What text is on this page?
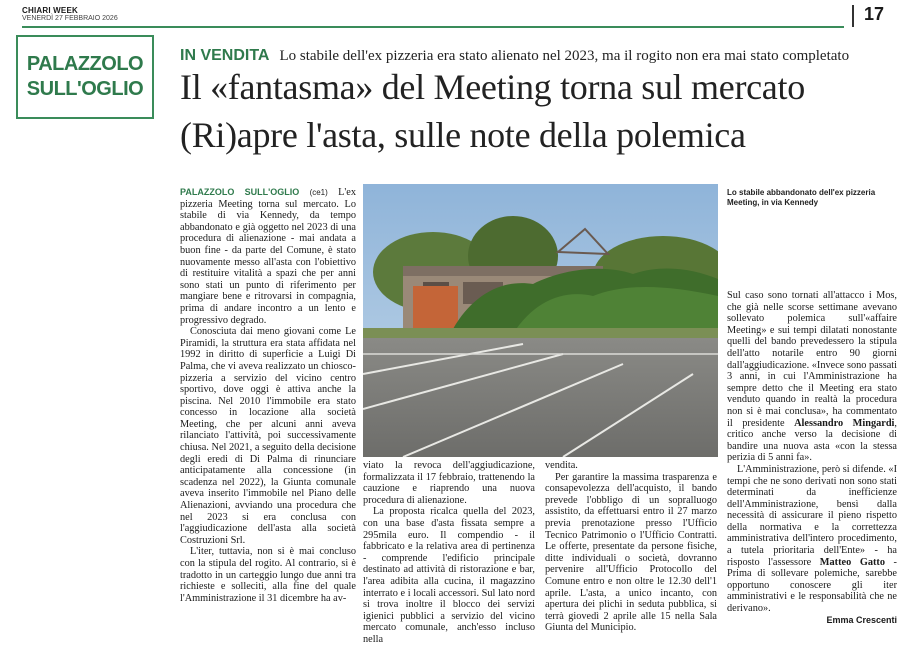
CHIARI WEEK
VENERDÌ 27 FEBBRAIO 2026	17
PALAZZOLO
SULL'OGLIO
IN VENDITA Lo stabile dell'ex pizzeria era stato alienato nel 2023, ma il rogito non era mai stato completato
Il «fantasma» del Meeting torna sul mercato
(Ri)apre l'asta, sulle note della polemica

PALAZZOLO SULL'OGLIO (ce1) L'ex pizzeria Meeting torna sul mercato. Lo stabile di via Kennedy, da tempo abbandonato e già oggetto nel 2023 di una procedura di alienazione - mai andata a buon fine - da parte del Comune, è stato nuovamente messo all'asta con l'obiettivo di restituire vitalità a spazi che per anni sono stati un punto di riferimento per mangiare bene e ritrovarsi in compagnia, prima di andare incontro a un lento e progressivo degrado.

Conosciuta dai meno giovani come Le Piramidi, la struttura era stata affidata nel 1992 in diritto di superficie a Luigi Di Palma, che vi aveva realizzato un chiosco-pizzeria a servizio del vicino centro sportivo, dove oggi è attiva anche la piscina. Nel 2010 l'immobile era stato concesso in locazione alla società Meeting, che per alcuni anni aveva rilanciato l'attività, poi successivamente chiusa. Nel 2021, a seguito della decisione degli eredi di Di Palma di rinunciare anticipatamente alla concessione (in scadenza nel 2022), la Giunta comunale aveva inserito l'immobile nel Piano delle Alienazioni, avviando una procedura che nel 2023 si era conclusa con l'aggiudicazione dell'asta alla società Costruzioni Srl.

L'iter, tuttavia, non si è mai concluso con la stipula del rogito. Al contrario, si è tradotto in un carteggio lungo due anni tra richieste e solleciti, alla fine del quale l'Amministrazione il 31 dicembre ha av-

Lo stabile abbandonato dell'ex pizzeria Meeting, in via Kennedy

viato la revoca dell'aggiudicazione, formalizzata il 17 febbraio, trattenendo la cauzione e riaprendo una nuova procedura di alienazione.

La proposta ricalca quella del 2023, con una base d'asta fissata sempre a 295mila euro. Il compendio - il fabbricato e la relativa area di pertinenza - comprende l'edificio principale destinato ad attività di ristorazione e bar, l'area adibita alla cucina, il magazzino interrato e i locali accessori. Sul lato nord si trova inoltre il blocco dei servizi igienici pubblici a servizio del vicino mercato comunale, anch'esso incluso nella

vendita.

Per garantire la massima trasparenza e consapevolezza dell'acquisto, il bando prevede l'obbligo di un sopralluogo assistito, da effettuarsi entro il 27 marzo previa prenotazione presso l'Ufficio Tecnico Patrimonio o l'Ufficio Contratti. Le offerte, presentate da persone fisiche, ditte individuali o società, dovranno pervenire all'Ufficio Protocollo del Comune entro e non oltre le 12.30 dell'1 aprile. L'asta, a unico incanto, con apertura dei plichi in seduta pubblica, si terrà giovedì 2 aprile alle 15 nella Sala Giunta del Municipio.

Sul caso sono tornati all'attacco i Mos, che già nelle scorse settimane avevano sollevato polemica sull'«affaire Meeting» e sui tempi dilatati nonostante quelli del bando prevedessero la stipula dell'atto notarile entro 90 giorni dall'aggiudicazione. «Invece sono passati 3 anni, in cui l'Amministrazione ha sempre detto che il Meeting era stato venduto quando in realtà la procedura non si è mai conclusa», ha commentato il presidente Alessandro Mingardi, critico anche verso la decisione di bandire una nuova asta «con la stessa perizia di 5 anni fa».

L'Amministrazione, però si difende. «I tempi che ne sono derivati non sono stati determinati da inefficienze dell'Amministrazione, bensì dalla necessità di assicurare il pieno rispetto della normativa e la correttezza amministrativa dell'intero procedimento, a tutela prioritaria dell'Ente» - ha risposto l'assessore Matteo Gatto - Prima di sollevare polemiche, sarebbe opportuno conoscere gli iter amministrativi e le responsabilità che ne derivano».

Emma Crescenti
